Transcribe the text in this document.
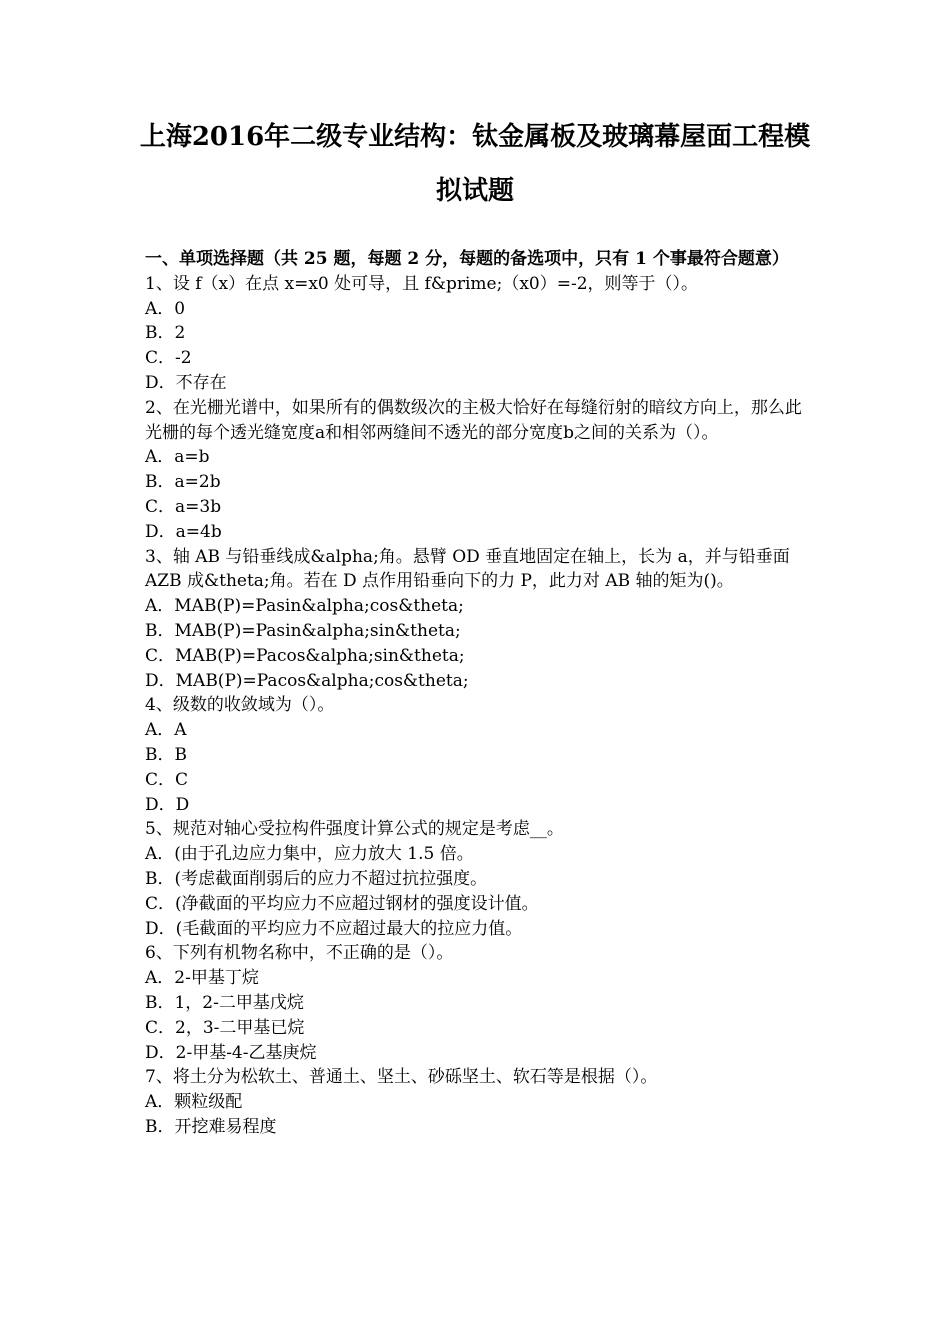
上海2016年二级专业结构：钛金属板及玻璃幕屋面工程模
拟试题
一、单项选择题（共 25 题，每题 2 分，每题的备选项中，只有 1 个事最符合题意）
1、设 f（x）在点 x=x0 处可导，且 f&prime;（x0）=-2，则等于（）。
A．0
B．2
C．-2
D．不存在
2、在光栅光谱中，如果所有的偶数级次的主极大恰好在每缝衍射的暗纹方向上，那么此光栅的每个透光缝宽度a和相邻两缝间不透光的部分宽度b之间的关系为（）。
A．a=b
B．a=2b
C．a=3b
D．a=4b
3、轴 AB 与铅垂线成&alpha;角。悬臂 OD 垂直地固定在轴上，长为 a，并与铅垂面 AZB 成&theta;角。若在 D 点作用铅垂向下的力 P，此力对 AB 轴的矩为()。
A．MAB(P)=Pasin&alpha;cos&theta;
B．MAB(P)=Pasin&alpha;sin&theta;
C．MAB(P)=Pacos&alpha;sin&theta;
D．MAB(P)=Pacos&alpha;cos&theta;
4、级数的收敛域为（）。
A．A
B．B
C．C
D．D
5、规范对轴心受拉构件强度计算公式的规定是考虑__。
A．(由于孔边应力集中，应力放大 1.5 倍。
B．(考虑截面削弱后的应力不超过抗拉强度。
C．(净截面的平均应力不应超过钢材的强度设计值。
D．(毛截面的平均应力不应超过最大的拉应力值。
6、下列有机物名称中，不正确的是（）。
A．2-甲基丁烷
B．1，2-二甲基戊烷
C．2，3-二甲基已烷
D．2-甲基-4-乙基庚烷
7、将土分为松软土、普通土、坚土、砂砾坚土、软石等是根据（）。
A．颗粒级配
B．开挖难易程度
